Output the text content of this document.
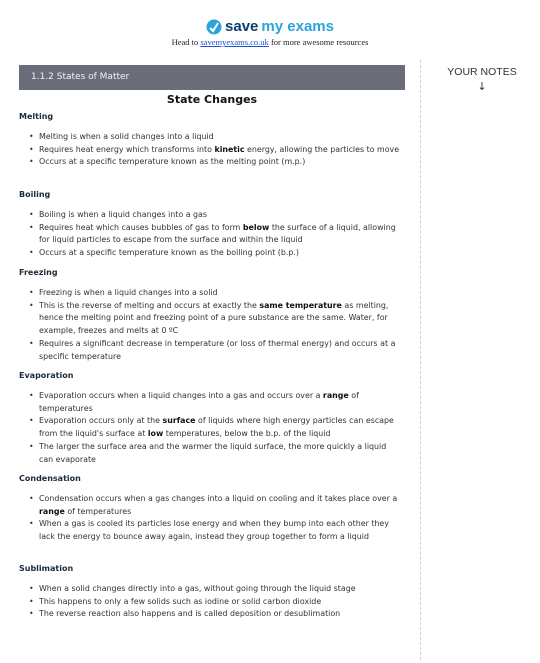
save my exams
Head to savemyexams.co.uk for more awesome resources
YOUR NOTES
↓
1.1.2 States of Matter
State Changes
Melting
• Melting is when a solid changes into a liquid
• Requires heat energy which transforms into kinetic energy, allowing the particles to move
• Occurs at a specific temperature known as the melting point (m.p.)
Boiling
• Boiling is when a liquid changes into a gas
• Requires heat which causes bubbles of gas to form below the surface of a liquid, allowing for liquid particles to escape from the surface and within the liquid
• Occurs at a specific temperature known as the boiling point (b.p.)
Freezing
• Freezing is when a liquid changes into a solid
• This is the reverse of melting and occurs at exactly the same temperature as melting, hence the melting point and freezing point of a pure substance are the same. Water, for example, freezes and melts at 0 ºC
• Requires a significant decrease in temperature (or loss of thermal energy) and occurs at a specific temperature
Evaporation
• Evaporation occurs when a liquid changes into a gas and occurs over a range of temperatures
• Evaporation occurs only at the surface of liquids where high energy particles can escape from the liquid's surface at low temperatures, below the b.p. of the liquid
• The larger the surface area and the warmer the liquid surface, the more quickly a liquid can evaporate
Condensation
• Condensation occurs when a gas changes into a liquid on cooling and it takes place over a range of temperatures
• When a gas is cooled its particles lose energy and when they bump into each other they lack the energy to bounce away again, instead they group together to form a liquid
Sublimation
• When a solid changes directly into a gas, without going through the liquid stage
• This happens to only a few solids such as iodine or solid carbon dioxide
• The reverse reaction also happens and is called deposition or desublimation
